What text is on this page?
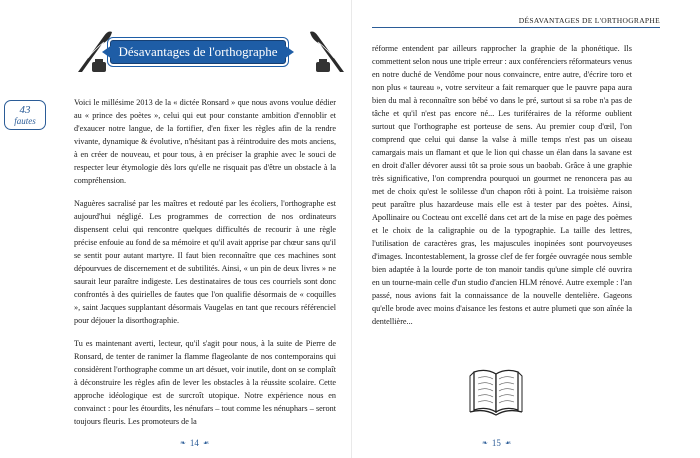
43
fautes
Désavantages de l'orthographe

Voici le millésime 2013 de la « dictée Ronsard » que nous avons voulue dédier au « prince des poètes », celui qui eut pour constante ambition d'ennoblir et d'exaucer notre langue, de la fortifier, d'en fixer les règles afin de la rendre vivante, dynamique & évolutive, n'hésitant pas à réintroduire des mots anciens, à en créer de nouveau, et pour tous, à en préciser la graphie avec le souci de respecter leur étymologie dès lors qu'elle ne risquait pas d'être un obstacle à la compréhension.

Naguères sacralisé par les maîtres et redouté par les écoliers, l'orthographe est aujourd'hui négligé. Les programmes de correction de nos ordinateurs dispensent celui qui rencontre quelques difficultés de recourir à une règle précise enfouie au fond de sa mémoire et qu'il avait apprise par chœur sans qu'il se sentit pour autant martyre. Il faut bien reconnaître que ces machines sont dépourvues de discernement et de subtilités. Ainsi, « un pin de deux livres » ne saurait leur paraître indigeste. Les destinataires de tous ces courriels sont donc confrontés à des quirielles de fautes que l'on qualifie désormais de « coquilles », saint Jacques supplantant désormais Vaugelas en tant que recours référenciel pour déjouer la disorthographie.

Tu es maintenant averti, lecteur, qu'il s'agit pour nous, à la suite de Pierre de Ronsard, de tenter de ranimer la flamme flageolante de nos contemporains qui considèrent l'orthographe comme un art désuet, voir inutile, dont on se complaît à déconstruire les règles afin de lever les obstacles à la réussite scolaire. Cette approche idéologique est de surcroît utopique. Notre expérience nous en convainct : pour les étourdits, les nénufars – tout comme les nénuphars – seront toujours fleuris. Les promoteurs de la

❧ 14 ☙
DÉSAVANTAGES DE L'ORTHOGRAPHE

réforme entendent par ailleurs rapprocher la graphie de la phonétique. Ils commettent selon nous une triple erreur : aux conférenciers réformateurs venus en notre duché de Vendôme pour nous convaincre, entre autre, d'écrire toro et non plus « taureau », votre serviteur a fait remarquer que le pauvre papa aura bien du mal à reconnaître son bébé vo dans le pré, surtout si sa robe n'a pas de tâche et qu'il n'est pas encore né... Les turiféraires de la réforme oublient surtout que l'orthographe est porteuse de sens. Au premier coup d'œil, l'on comprend que celui qui danse la valse à mille temps n'est pas un oiseau camargais mais un flamant et que le lion qui chasse un élan dans la savane est en droit d'aller dévorer aussi tôt sa proie sous un baobab. Grâce à une graphie très significative, l'on comprendra pourquoi un gourmet ne renoncera pas au met de choix qu'est le solilesse d'un chapon rôti à point. La troisième raison peut paraître plus hazardeuse mais elle est à tester par des poètes. Ainsi, Apollinaire ou Cocteau ont excellé dans cet art de la mise en page des poèmes et le choix de la caligraphie ou de la typographie. La taille des lettres, l'utilisation de caractères gras, les majuscules inopinées sont pourvoyeuses d'images. Incontestablement, la grosse clef de fer forgée ouvragée nous semble bien adaptée à la lourde porte de ton manoir tandis qu'une simple clé ouvrira en un tourne-main celle d'un studio d'ancien HLM rénové. Autre exemple : l'an passé, nous avions fait la connaissance de la nouvelle dentelière. Gageons qu'elle brode avec moins d'aisance les festons et autre plumeti que son aînée la dentellière...

❧ 15 ☙
